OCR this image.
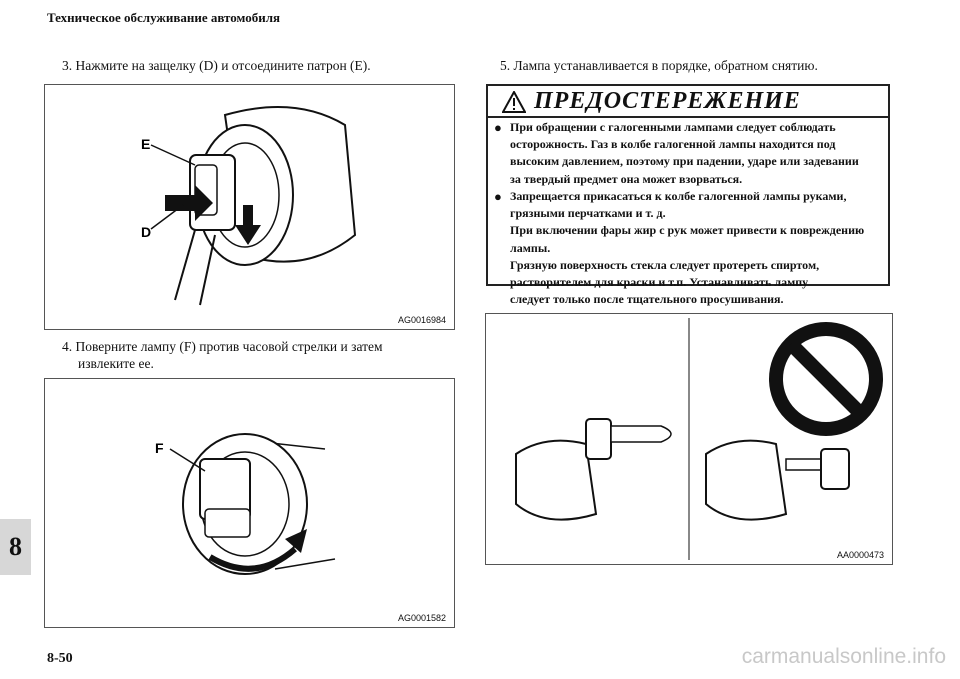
Техническое обслуживание автомобиля
3. Нажмите на защелку (D) и отсоедините патрон (E).
E
D
AG0016984
4. Поверните лампу (F) против часовой стрелки и затем
извлеките ее.
F
AG0001582
5. Лампа устанавливается в порядке, обратном снятию.
ПРЕДОСТЕРЕЖЕНИЕ
● При обращении с галогенными лампами следует соблюдать
осторожность. Газ в колбе галогенной лампы находится под
высоким давлением, поэтому при падении, ударе или задевании
за твердый предмет она может взорваться.
● Запрещается прикасаться к колбе галогенной лампы руками,
грязными перчатками и т. д.
При включении фары жир с рук может привести к повреждению
лампы.
Грязную поверхность стекла следует протереть спиртом,
растворителем для краски и т.п. Устанавливать лампу
следует только после тщательного просушивания.
AA0000473
8
8-50	carmanualsonline.info
